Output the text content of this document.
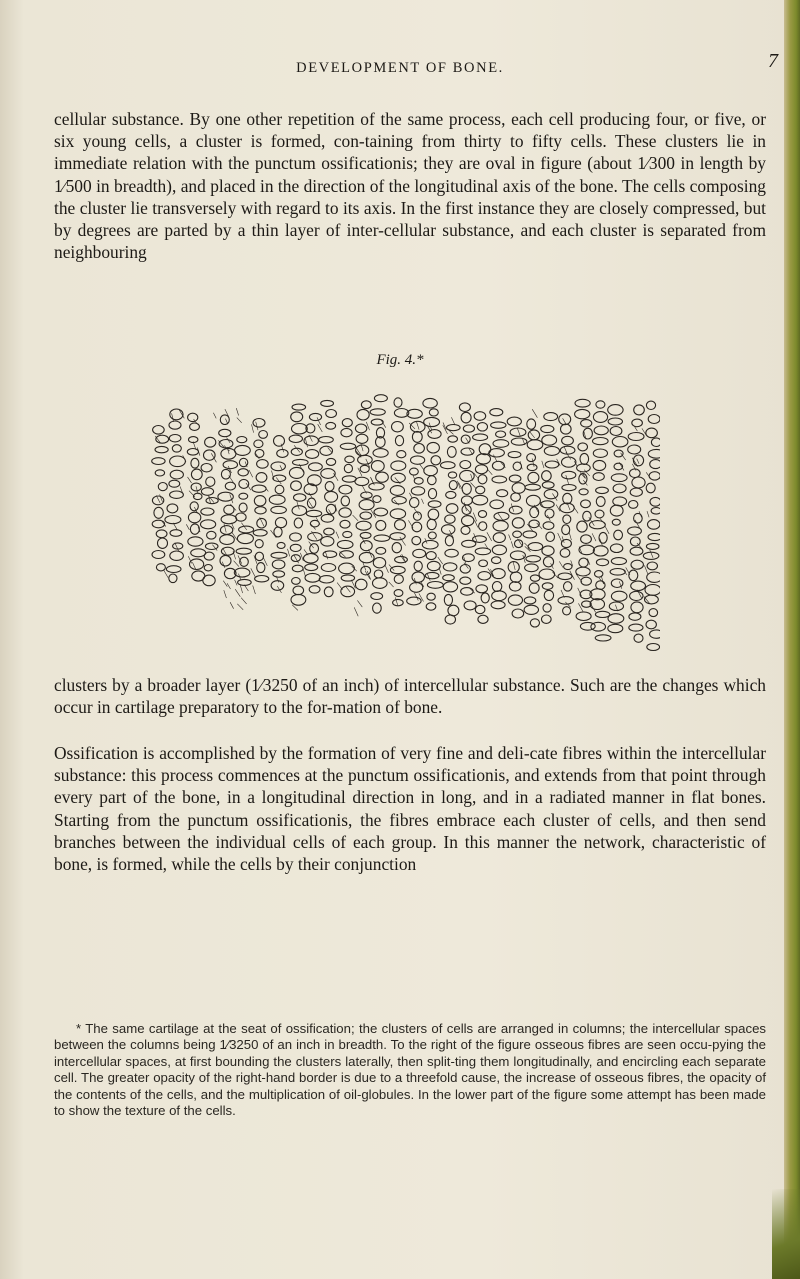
DEVELOPMENT OF BONE.	7

cellular substance. By one other repetition of the same process, each cell producing four, or five, or six young cells, a cluster is formed, con-taining from thirty to fifty cells. These clusters lie in immediate relation with the punctum ossificationis; they are oval in figure (about 1⁄300 in length by 1⁄500 in breadth), and placed in the direction of the longitudinal axis of the bone. The cells composing the cluster lie transversely with regard to its axis. In the first instance they are closely compressed, but by degrees are parted by a thin layer of inter-cellular substance, and each cluster is separated from neighbouring

Fig. 4.*

clusters by a broader layer (1⁄3250 of an inch) of intercellular substance. Such are the changes which occur in cartilage preparatory to the for-mation of bone.

Ossification is accomplished by the formation of very fine and deli-cate fibres within the intercellular substance: this process commences at the punctum ossificationis, and extends from that point through every part of the bone, in a longitudinal direction in long, and in a radiated manner in flat bones. Starting from the punctum ossificationis, the fibres embrace each cluster of cells, and then send branches between the individual cells of each group. In this manner the network, characteristic of bone, is formed, while the cells by their conjunction

* The same cartilage at the seat of ossification; the clusters of cells are arranged in columns; the intercellular spaces between the columns being 1⁄3250 of an inch in breadth. To the right of the figure osseous fibres are seen occu-pying the intercellular spaces, at first bounding the clusters laterally, then split-ting them longitudinally, and encircling each separate cell. The greater opacity of the right-hand border is due to a threefold cause, the increase of osseous fibres, the opacity of the contents of the cells, and the multiplication of oil-globules. In the lower part of the figure some attempt has been made to show the texture of the cells.
